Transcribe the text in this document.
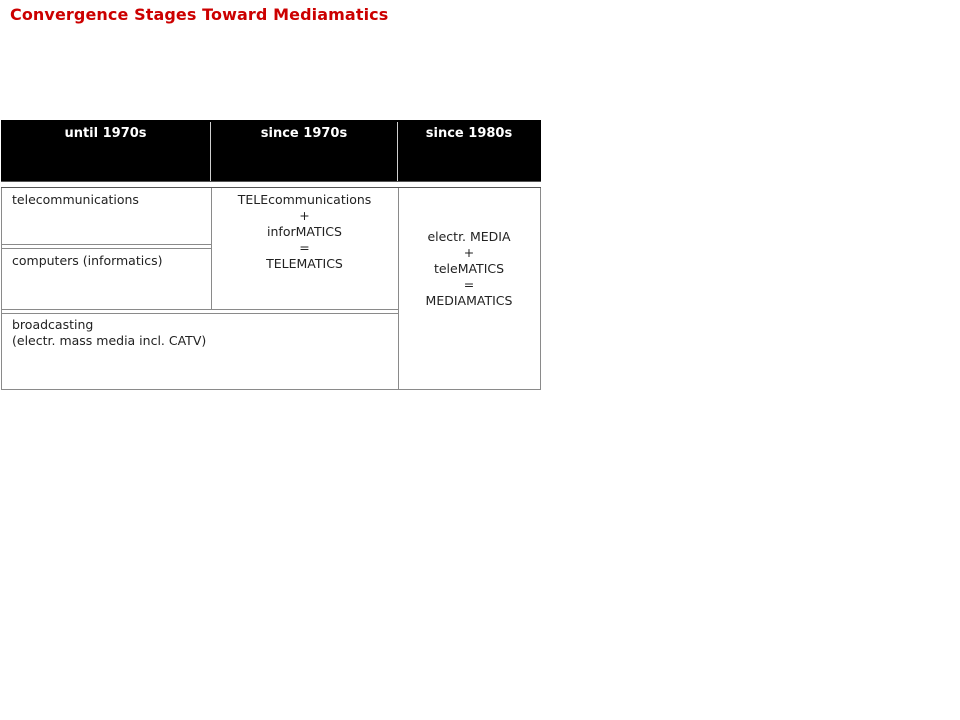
Convergence Stages Toward Mediamatics
until 1970s	since 1970s	since 1980s
telecommunications
computers (informatics)
broadcasting
(electr. mass media incl. CATV)
TELEcommunications
+
inforMATICS
=
TELEMATICS
electr. MEDIA
+
teleMATICS
=
MEDIAMATICS
